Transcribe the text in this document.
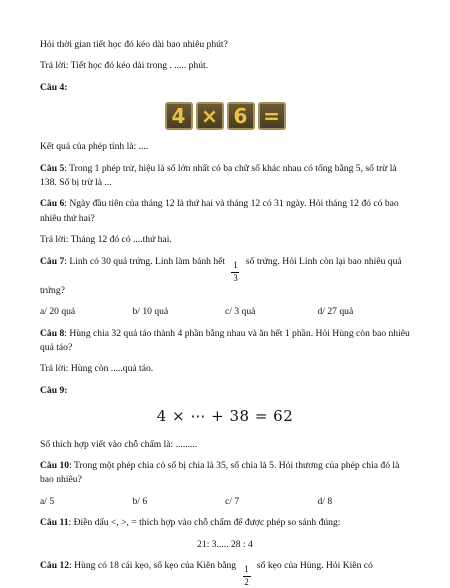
Hỏi thời gian tiết học đó kéo dài bao nhiêu phút?

Trả lời: Tiết học đó kéo dài trong . ..... phút.

Câu 4:

4 × 6 =

Kết quả của phép tính là: ....

Câu 5: Trong 1 phép trừ, hiệu là số lớn nhất có ba chữ số khác nhau có tổng bằng 5, số trừ là 138. Số bị trừ là ...

Câu 6: Ngày đầu tiên của tháng 12 là thứ hai và tháng 12 có 31 ngày. Hỏi tháng 12 đó có bao nhiêu thứ hai?

Trả lời: Tháng 12 đó có ....thứ hai.

Câu 7: Linh có 30 quả trứng. Linh làm bánh hết $\frac{1}{3}$ số trứng. Hỏi Linh còn lại bao nhiêu quả trứng?

a/ 20 quả	b/ 10 quả	c/ 3 quả	d/ 27 quả

Câu 8: Hùng chia 32 quả táo thành 4 phần bằng nhau và ăn hết 1 phần. Hỏi Hùng còn bao nhiêu quả táo?

Trả lời: Hùng còn .....quả táo.

Câu 9:

4 × ⋯ + 38 = 62

Số thích hợp viết vào chỗ chấm là: .........

Câu 10: Trong một phép chia có số bị chia là 35, số chia là 5. Hỏi thương của phép chia đó là bao nhiêu?

a/ 5	b/ 6	c/ 7	d/ 8

Câu 11: Điền dấu <, >, = thích hợp vào chỗ chấm để được phép so sánh đúng:

21: 3..... 28 : 4

Câu 12: Hùng có 18 cái kẹo, số kẹo của Kiên bằng $\frac{1}{2}$ số kẹo của Hùng. Hỏi Kiên có
